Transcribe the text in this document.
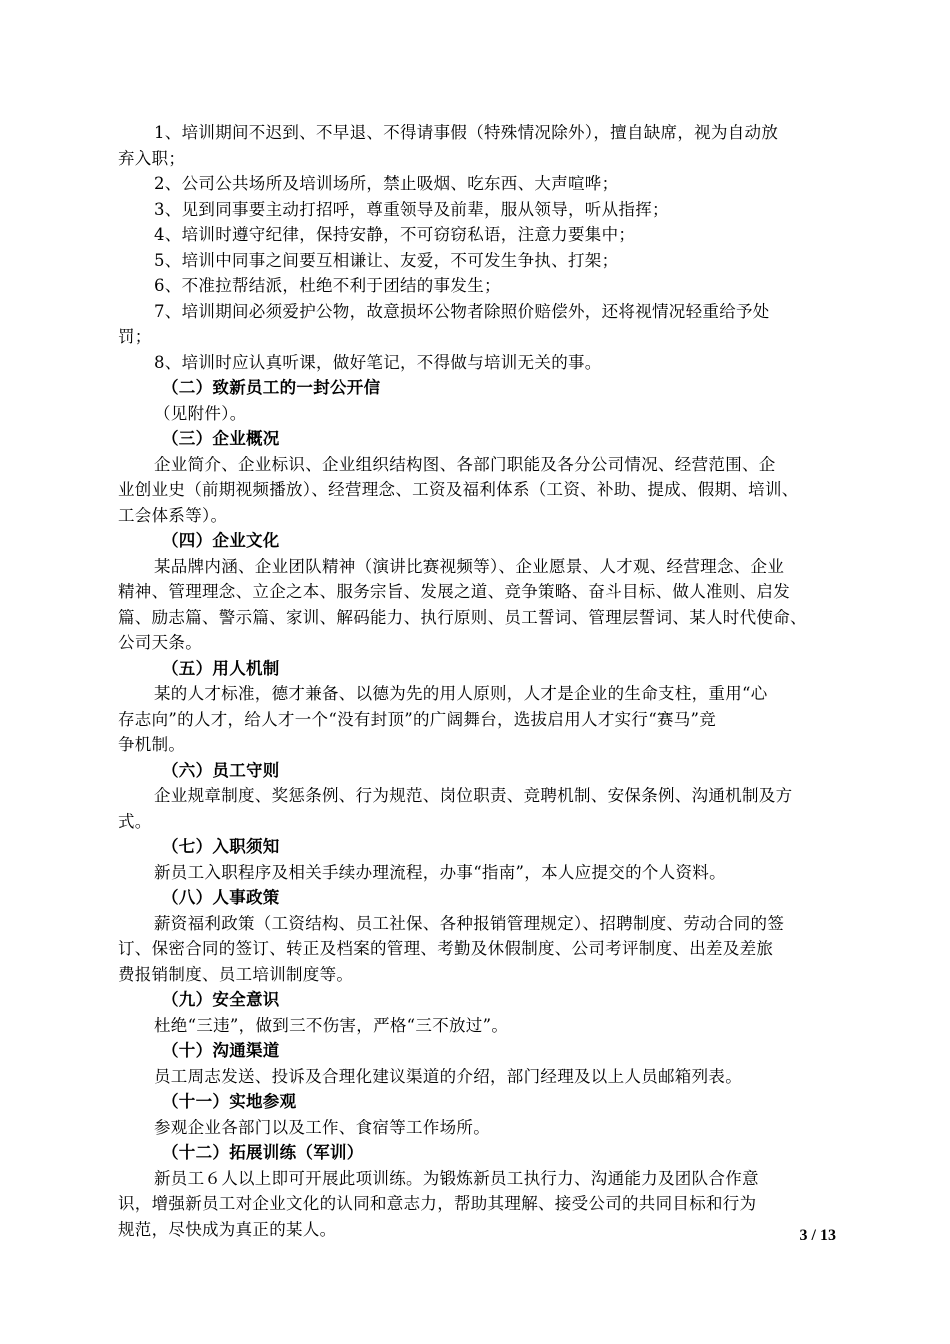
1、培训期间不迟到、不早退、不得请事假（特殊情况除外），擅自缺席，视为自动放
弃入职；
2、公司公共场所及培训场所，禁止吸烟、吃东西、大声喧哗；
3、见到同事要主动打招呼，尊重领导及前辈，服从领导，听从指挥；
4、培训时遵守纪律，保持安静，不可窃窃私语，注意力要集中；
5、培训中同事之间要互相谦让、友爱，不可发生争执、打架；
6、不准拉帮结派，杜绝不利于团结的事发生；
7、培训期间必须爱护公物，故意损坏公物者除照价赔偿外，还将视情况轻重给予处
罚；
8、培训时应认真听课，做好笔记，不得做与培训无关的事。
（二）致新员工的一封公开信
（见附件）。
（三）企业概况
企业简介、企业标识、企业组织结构图、各部门职能及各分公司情况、经营范围、企
业创业史（前期视频播放）、经营理念、工资及福利体系（工资、补助、提成、假期、培训、
工会体系等）。
（四）企业文化
某品牌内涵、企业团队精神（演讲比赛视频等）、企业愿景、人才观、经营理念、企业
精神、管理理念、立企之本、服务宗旨、发展之道、竞争策略、奋斗目标、做人准则、启发
篇、励志篇、警示篇、家训、解码能力、执行原则、员工誓词、管理层誓词、某人时代使命、
公司天条。
（五）用人机制
某的人才标准，德才兼备、以德为先的用人原则，人才是企业的生命支柱，重用“心
存志向”的人才，给人才一个“没有封顶”的广阔舞台，选拔启用人才实行“赛马”竞
争机制。
（六）员工守则
企业规章制度、奖惩条例、行为规范、岗位职责、竞聘机制、安保条例、沟通机制及方
式。
（七）入职须知
新员工入职程序及相关手续办理流程，办事“指南”，本人应提交的个人资料。
（八）人事政策
薪资福利政策（工资结构、员工社保、各种报销管理规定）、招聘制度、劳动合同的签
订、保密合同的签订、转正及档案的管理、考勤及休假制度、公司考评制度、出差及差旅
费报销制度、员工培训制度等。
（九）安全意识
杜绝“三违”，做到三不伤害，严格“三不放过”。
（十）沟通渠道
员工周志发送、投诉及合理化建议渠道的介绍，部门经理及以上人员邮箱列表。
（十一）实地参观
参观企业各部门以及工作、食宿等工作场所。
（十二）拓展训练（军训）
新员工６人以上即可开展此项训练。为锻炼新员工执行力、沟通能力及团队合作意
识，增强新员工对企业文化的认同和意志力，帮助其理解、接受公司的共同目标和行为
规范，尽快成为真正的某人。	3 / 13
